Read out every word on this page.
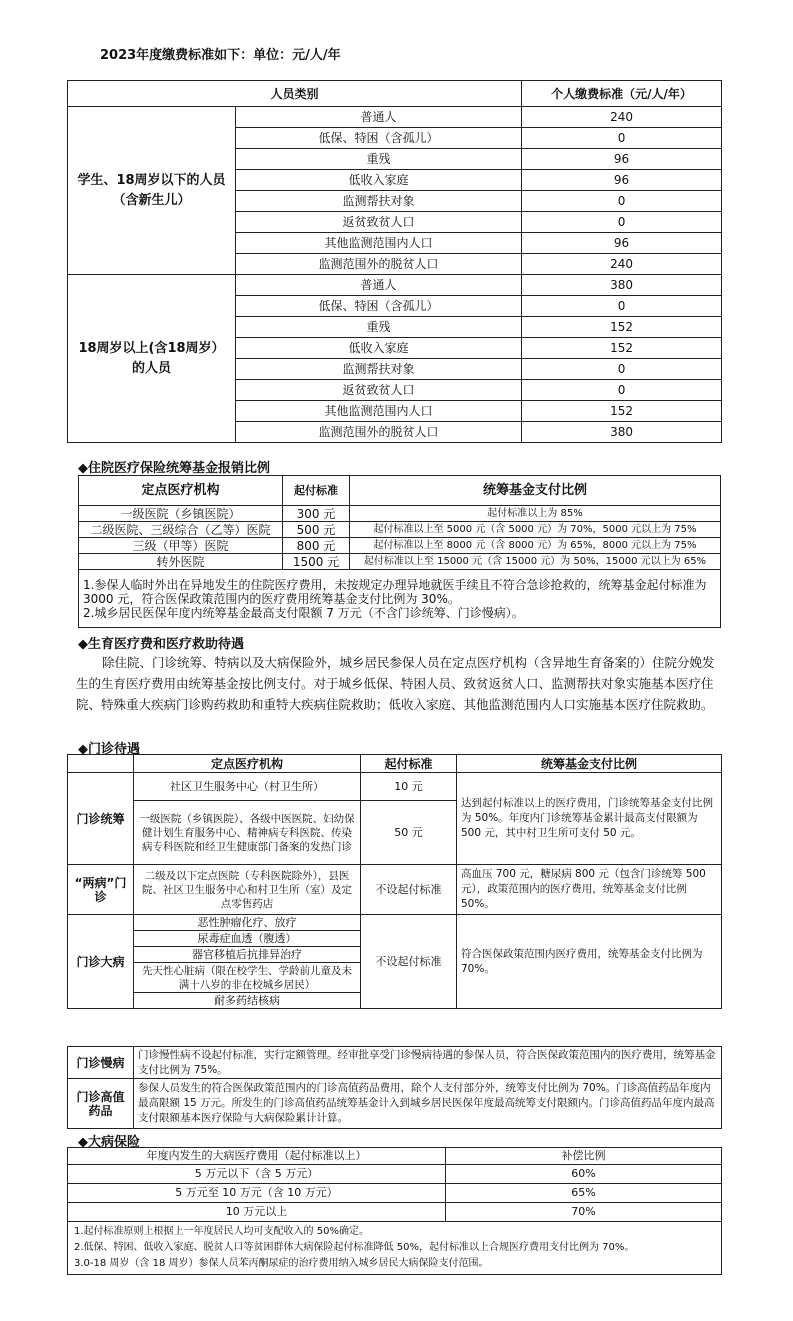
2023年度缴费标准如下：单位：元/人/年
人员类别		个人缴费标准（元/人/年）
学生、18周岁以下的人员（含新生儿）	普通人	240
	低保、特困（含孤儿）	0
	重残	96
	低收入家庭	96
	监测帮扶对象	0
	返贫致贫人口	0
	其他监测范围内人口	96
	监测范围外的脱贫人口	240
18周岁以上(含18周岁）的人员	普通人	380
	低保、特困（含孤儿）	0
	重残	152
	低收入家庭	152
	监测帮扶对象	0
	返贫致贫人口	0
	其他监测范围内人口	152
	监测范围外的脱贫人口	380
◆住院医疗保险统筹基金报销比例
定点医疗机构	起付标准	统筹基金支付比例
一级医院（乡镇医院）	300 元	起付标准以上为 85%
二级医院、三级综合（乙等）医院	500 元	起付标准以上至 5000 元（含 5000 元）为 70%，5000 元以上为 75%
三级（甲等）医院	800 元	起付标准以上至 8000 元（含 8000 元）为 65%，8000 元以上为 75%
转外医院	1500 元	起付标准以上至 15000 元（含 15000 元）为 50%，15000 元以上为 65%

1.参保人临时外出在异地发生的住院医疗费用，未按规定办理异地就医手续且不符合急诊抢救的，统筹基金起付标准为 3000 元，符合医保政策范围内的医疗费用统筹基金支付比例为 30%。
2.城乡居民医保年度内统筹基金最高支付限额 7 万元（不含门诊统筹、门诊慢病）。		
◆生育医疗费和医疗救助待遇
除住院、门诊统筹、特病以及大病保险外，城乡居民参保人员在定点医疗机构（含异地生育备案的）住院分娩发生的生育医疗费用由统筹基金按比例支付。对于城乡低保、特困人员、致贫返贫人口、监测帮扶对象实施基本医疗住院、特殊重大疾病门诊购药救助和重特大疾病住院救助；低收入家庭、其他监测范围内人口实施基本医疗住院救助。
◆门诊待遇
	定点医疗机构	起付标准	统筹基金支付比例
门诊统筹	社区卫生服务中心（村卫生所）	10 元	达到起付标准以上的医疗费用，门诊统筹基金支付比例为 50%。年度内门诊统筹基金累计最高支付限额为 500 元，其中村卫生所可支付 50 元。
	一级医院（乡镇医院）、各级中医医院、妇幼保健计划生育服务中心、精神病专科医院、传染病专科医院和经卫生健康部门备案的发热门诊	50 元	
“两病”门诊	二级及以下定点医院（专科医院除外），县医院、社区卫生服务中心和村卫生所（室）及定点零售药店	不设起付标准	高血压 700 元，糖尿病 800 元（包含门诊统筹 500 元），政策范围内的医疗费用，统筹基金支付比例 50%。
门诊大病	恶性肿瘤化疗、放疗	不设起付标准	符合医保政策范围内医疗费用，统筹基金支付比例为 70%。
	尿毒症血透（腹透）		
	器官移植后抗排异治疗		
	先天性心脏病（限在校学生、学龄前儿童及未满十八岁的非在校城乡居民）		
	耐多药结核病		
门诊慢病	门诊慢性病不设起付标准，实行定额管理。经审批享受门诊慢病待遇的参保人员，符合医保政策范围内的医疗费用，统筹基金支付比例为 75%。
门诊高值药品	参保人员发生的符合医保政策范围内的门诊高值药品费用，除个人支付部分外，统筹支付比例为 70%。门诊高值药品年度内最高限额 15 万元。所发生的门诊高值药品统筹基金计入到城乡居民医保年度最高统筹支付限额内。门诊高值药品年度内最高支付限额基本医疗保险与大病保险累计计算。
◆大病保险
年度内发生的大病医疗费用（起付标准以上）	补偿比例
5 万元以下（含 5 万元）	60%
5 万元至 10 万元（含 10 万元）	65%
10 万元以上	70%

1.起付标准原则上根据上一年度居民人均可支配收入的 50%确定。
2.低保、特困、低收入家庭、脱贫人口等贫困群体大病保险起付标准降低 50%，起付标准以上合规医疗费用支付比例为 70%。
3.0-18 周岁（含 18 周岁）参保人员苯丙酮尿症的治疗费用纳入城乡居民大病保险支付范围。	
